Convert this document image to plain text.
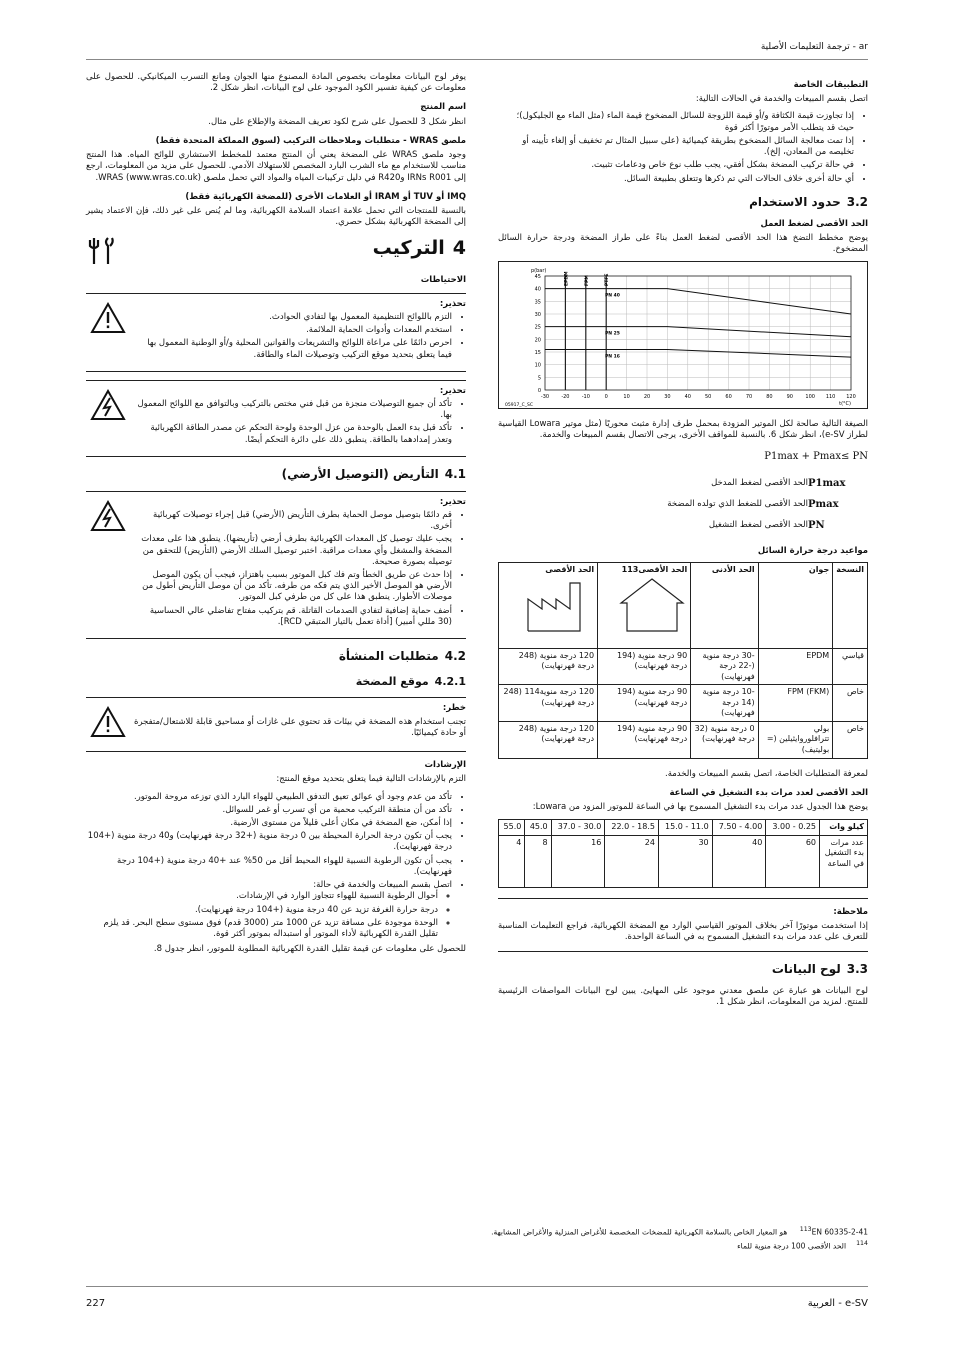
ar - ترجمة التعليمات الأصلية
التطبيقات الخاصة

اتصل بقسم المبيعات والخدمة في الحالات التالية:

• إذا تجاوزت قيمة الكثافة و/أو قيمة اللزوجة للسائل المضخوخ قيمة الماء (مثل الماء مع الجليكول)؛ حيث قد يتطلب الأمر موتورًا أكثر قوة
• إذا تمت معالجة السائل المضخوخ بطريقة كيميائية (على سبيل المثال تم تخفيف أو إلغاء تأيينه أو تخليصه من المعادن، إلخ).
• في حالة تركيب المضخة بشكل أفقي، يجب طلب نوع خاص ودعامات تثبيت.
• أي حالة أخرى خلاف الحالات التي تم ذكرها وتتعلق بطبيعة السائل.
3.2حدود الاستخدام
الحد الأقصى لضغط العمل

يوضح مخطط التضخ هذا الحد الأقصى لضغط العمل بناءً على طراز المضخة ودرجة حرارة السائل المضخوخ.

0
5
10
15
20
25
30
35
40
45
-30 -20 -10	0	10	20	30	40	50	60	70	80	90 100 110 120
p(bar)
t(°C)
05917_C_SC
EPDM	FPM	PTFE
PN 40
PN 25
PN 16

الصيغة التالية صالحة لكل الموتير المزودة بمحمل طرف إدارة مثبت محوريًا (مثل موتير Lowara القياسية لطراز e-SV)، انظر شكل 6. بالنسبة للمواقف الأخرى، يرجى الاتصال بقسم المبيعات والخدمة.

P1max + Pmax≤ PN
P1max	الحد الأقصى لضغط المدخل
Pmax	الحد الأقصى للضغط الذي تولده المضخة
PN	الحد الأقصى لضغط التشغيل
مواعيد درجة حرارة السائل
النسخة	جوان	الحد الأدنى	الحد الأقصى113	الحد الأقصى

قياسي	EPDM	-30 درجة منوية (-22 درجة فهرنهايت)	90 درجة منوية (194 درجة فهرنهايت)	120 درجة منوية (248 درجة فهرنهايت)
خاص	FPM (FKM)	-10 درجة منوية (14 درجة فهرنهايت)	90 درجة منوية (194 درجة فهرنهايت)	120 درجة منوية114 (248 درجة فهرنهايت)
خاص	بولي تترافلوروايثيلين (= بوليتيف)	0 درجة منوية (32 درجة فهرنهايت)	90 درجة منوية (194 درجة فهرنهايت)	120 درجة منوية (248 درجة فهرنهايت)

لمعرفة المتطلبات الخاصة، اتصل بقسم المبيعات والخدمة.

الحد الأقصى لعدد مرات بدء التشغيل في الساعة

يوضح هذا الجدول عدد مرات بدء التشغيل المسموح بها في الساعة للموتور المزود من Lowara:

كيلو وات	0.25 - 3.00	4.00 - 7.50	11.0 - 15.0	18.5 - 22.0	30.0 - 37.0	45.0	55.0
عدد مرات بدء التشغيل في الساعة	60	40	30	24	16	8	4
ملاحظة:

إذا استخدمت موتورًا آخر بخلاف الموتور القياسي الوارد مع المضخة الكهربائية، فراجع التعليمات المناسبة للتعرف على عدد مرات بدء التشغيل المسموح به في الساعة الواحدة.

3.3لوح البيانات

لوح البيانات هو عبارة عن ملصق معدني موجود على المهايئ. يبين لوح البيانات المواصفات الرئيسية للمنتج. لمزيد من المعلومات، انظر شكل 1.

يوفر لوح البيانات معلومات بخصوص المادة المصنوع منها الجوان ومانع التسرب الميكانيكي. للحصول على معلومات عن كيفية تفسير الكود الموجود على لوح البيانات، انظر شكل 2.

اسم المنتج

انظر شكل 3 للحصول على شرح لكود تعريف المضخة والإطلاع على مثال.

ملصق WRAS - متطلبات وملاحظات التركيب (لسوق المملكة المتحدة فقط)

وجود ملصق WRAS على المضخة يعني أن المنتج معتمد للمخطط الاستشاري للوائح المياه. هذا المنتج مناسب للاستخدام مع ماء الشرب البارد المخصص للاستهلاك الآدمي. للحصول على مزيد من المعلومات، ارجع إلى IRNs R001 وR420 في دليل تركيبات المياه والمواد التي تحمل ملصق WRAS (www.wras.co.uk).

IMQ أو TUV أو IRAM أو العلامات الأخرى (للمضخة الكهربائية فقط)

بالنسبة للمنتجات التي تحمل علامة اعتماد السلامة الكهربائية، وما لم يُنص على غير ذلك، فإن الاعتماد يشير إلى المضخة الكهربائية بشكل حصري.

4التركيب
الاحتياطات
تحذير:
• التزم باللوائح التنظيمية المعمول بها لتفادي الحوادث.
• استخدم المعدات وأدوات الحماية الملائمة.
• احرص دائمًا على مراعاة اللوائح والتشريعات والقوانين المحلية و/أو الوطنية المعمول بها فيما يتعلق بتحديد موقع التركيب وتوصيلات الماء والطاقة.
تحذير:
• تأكد أن جميع التوصيلات منجزة من قبل فني مختص بالتركيب وبالتوافق مع اللوائح المعمول بها.
• تأكد قبل بدء العمل بالوحدة من عزل الوحدة ولوحة التحكم عن مصدر الطاقة الكهربائية وتعذر إمدادهما بالطاقة. ينطبق ذلك على دائرة التحكم أيضًا.
4.1التأريض (التوصيل الأرضي)
تحذير:
• قم دائمًا بتوصيل موصل الحماية بطرف التأريض (الأرضي) قبل إجراء توصيلات كهربائية أخرى.
• يجب عليك توصيل كل المعدات الكهربائية بطرف أرضي (تأريضها). ينطبق هذا على معدات المضخة والمشغل وأي معدات مراقبة. اختبر توصيل السلك الأرضي (التأريض) للتحقق من توصيله بصورة صحيحة.
• إذا حدث عن طريق الخطأ وتم فك كبل الموتور بسبب باهتزاز، فيجب أن يكون الموصل الأرضي هو الموصل الأخير الذي يتم فكه من طرفه. تأكد من أن موصل التأريض أطول من موصلات الأطوار. ينطبق هذا على كل من طرفي كبل الموتور.
• أضف حماية إضافية لتفادي الصدمات القاتلة. قم بتركيب مفتاح تفاضلي عالي الحساسية (30 مللي أمبير) [أداة تعمل بالتيار المتبقي RCD].
4.2متطلبات المنشأة
4.2.1موقع المضخة
خطر:

تجنب استخدام هذه المضخة في بيئات قد تحتوي على غازات أو مساحيق قابلة للاشتعال/متفجرة أو حادة كيميائيًا.

الإرشادات

التزم بالإرشادات التالية فيما يتعلق بتحديد موقع المنتج:

• تأكد من عدم وجود أي عوائق تعيق التدفق الطبيعي للهواء البارد الذي توزعه مروحة الموتور.
• تأكد من أن منطقة التركيب محمية من أي تسرب أو غمر للسوائل.
• إذا أمكن، ضع المضخة في مكان أعلى قليلاً من مستوى الأرضية.
• يجب أن تكون درجة الحرارة المحيطة بين 0 درجة منوية (+32 درجة فهرنهايت) و40 درجة منوية (+104 درجة فهرنهايت).
• يجب أن تكون الرطوبة النسبية للهواء المحيط أقل من 50% عند +40 درجة منوية (+104 درجة فهرنهايت).
• اتصل بقسم المبيعات والخدمة في حالة:
◦ أحوال الرطوبة النسبية للهواء تتجاوز الوارد في الإرشادات.
◦ درجة حرارة الغرفة تزيد عن 40 درجة منوية (+104 درجة فهرنهايت).
◦ الوحدة موجودة على مسافة تزيد عن 1000 متر (3000 قدم) فوق مستوى سطح البحر. قد يلزم تقليل القدرة الكهربائية لأداء الموتور أو استبداله بموتور أكثر قوة.

للحصول على معلومات عن قيمة تقليل القدرة الكهربائية المطلوبة للموتور، انظر جدول 8.

$^{113}$EN 60335-2-41 هو المعيار الخاص بالسلامة الكهربائية للمضخات المخصصة للأغراض المنزلية والأغراض المشابهة.
$^{114}$الحد الأقصى 100 درجة منوية للماء
227	e-SV - العربية
